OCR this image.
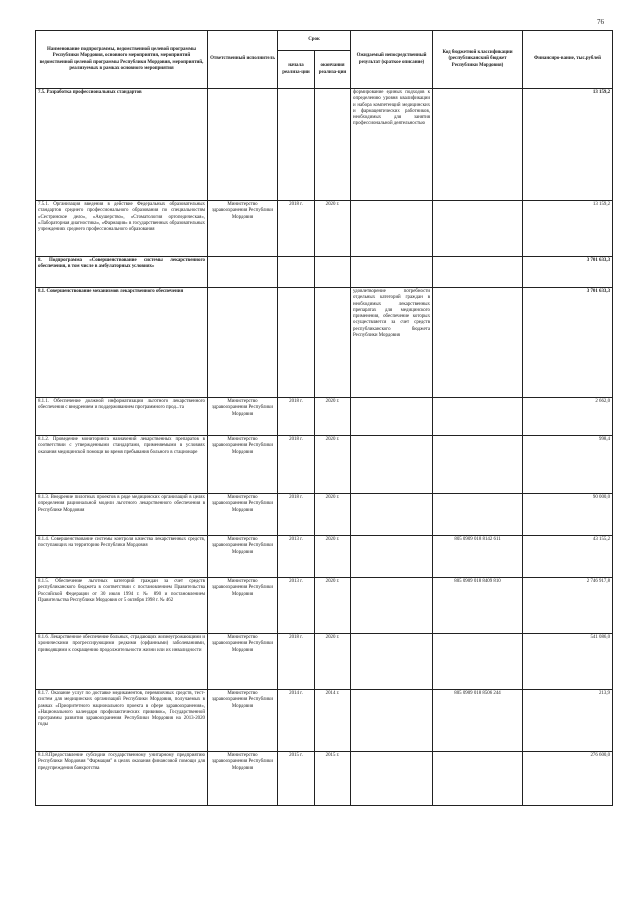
76
Наименование подпрограммы, ведомственной целевой программы Республики Мордовия, основного мероприятия, мероприятий ведомственной целевой программы Республики Мордовия, мероприятий, реализуемых в рамках основного мероприятия	Ответственный исполнитель	Срок		Ожидаемый непосредственный результат (краткое описание)	Код бюджетной классификации (республиканский бюджет Республики Мордовия)	Финансиро-вание, тыс.рублей
		начала реализа-ции	окончания реализа-ции			
7.5. Разработка профессиональных стандартов				формирование единых подходов к определению уровня квалификации и набора компетенций медицинских и фармацевтических работников, необходимых для занятия профессиональной деятельностью		13 159,2
7.5.1. Организация введения в действие Федеральных образовательных стандартов среднего профессионального образования по специальностям «Сестринское дело», «Акушерство», «Стоматология ортопедическая», «Лабораторная диагностика», «Фармация» в государственных образовательных учреждениях среднего профессионального образования	Министерство здравоохранения Республики Мордовия	2018 г.	2020 г.			13 159,2
8. Подпрограмма «Совершенствование системы лекарственного обеспечения, в том числе в амбулаторных условиях»						3 701 633,3
8.1. Совершенствование механизмов лекарственного обеспечения				удовлетворение потребности отдельных категорий граждан в необходимых лекарственных препаратах для медицинского применения, обеспечение которых осуществляется за счет средств республиканского бюджета Республики Мордовия		3 701 633,3
8.1.1. Обеспечение должной информатизации льготного лекарственного обеспечения с внедрением и поддерживанием программного прод...та	Министерство здравоохранения Республики Мордовия	2018 г.	2020 г.			2 662,0
8.1.2. Проведение мониторинга назначений лекарственных препаратов в соответствии с утвержденными стандартами, применяемыми в условиях оказания медицинской помощи во время пребывания больного в стационаре	Министерство здравоохранения Республики Мордовия	2018 г.	2020 г.			998,4
8.1.3. Внедрение пилотных проектов в ряде медицинских организаций в целях определения рациональной модели льготного лекарственного обеспечения в Республике Мордовия	Министерство здравоохранения Республики Мордовия	2018 г.	2020 г.			90 000,0
8.1.4. Совершенствование системы контроля качества лекарственных средств, поступающих на территорию Республики Мордовия	Министерство здравоохранения Республики Мордовия	2013 г.	2020 г.		805 0909 018 8142 611	43 155,2
8.1.5. Обеспечение льготных категорий граждан за счет средств республиканского бюджета в соответствии с постановлением Правительства Российской Федерации от 30 июля 1994 г. № 890 и постановлением Правительства Республики Мордовия от 5 октября 1998 г. № 462	Министерство здравоохранения Республики Мордовия	2013 г.	2020 г.		805 0909 018 8409 810	2 746 917,8
8.1.6. Лекарственное обеспечение больных, страдающих жизнеугрожающими и хроническими прогрессирующими редкими (орфанными) заболеваниями, приводящими к сокращению продолжительности жизни или их инвалидности	Министерство здравоохранения Республики Мордовия	2018 г.	2020 г.			541 086,0
8.1.7. Оказание услуг по доставке медикаментов, перевязочных средств, тест-систем для медицинских организаций Республики Мордовия, получаемых в рамках «Приоритетного национального проекта в сфере здравоохранения», «Национального календаря профилактических прививок», Государственной программы развития здравоохранения Республики Мордовия на 2013-2020 годы	Министерство здравоохранения Республики Мордовия	2014 г.	2014 г.		805 0909 018 8506 244	213,9
8.1.8.Предоставление субсидии государственному унитарному предприятию Республики Мордовия "Фармация" в целях оказания финансовой помощи для предупреждения банкротства	Министерство здравоохранения Республики Мордовия	2015 г.	2015 г.			276 600,0
